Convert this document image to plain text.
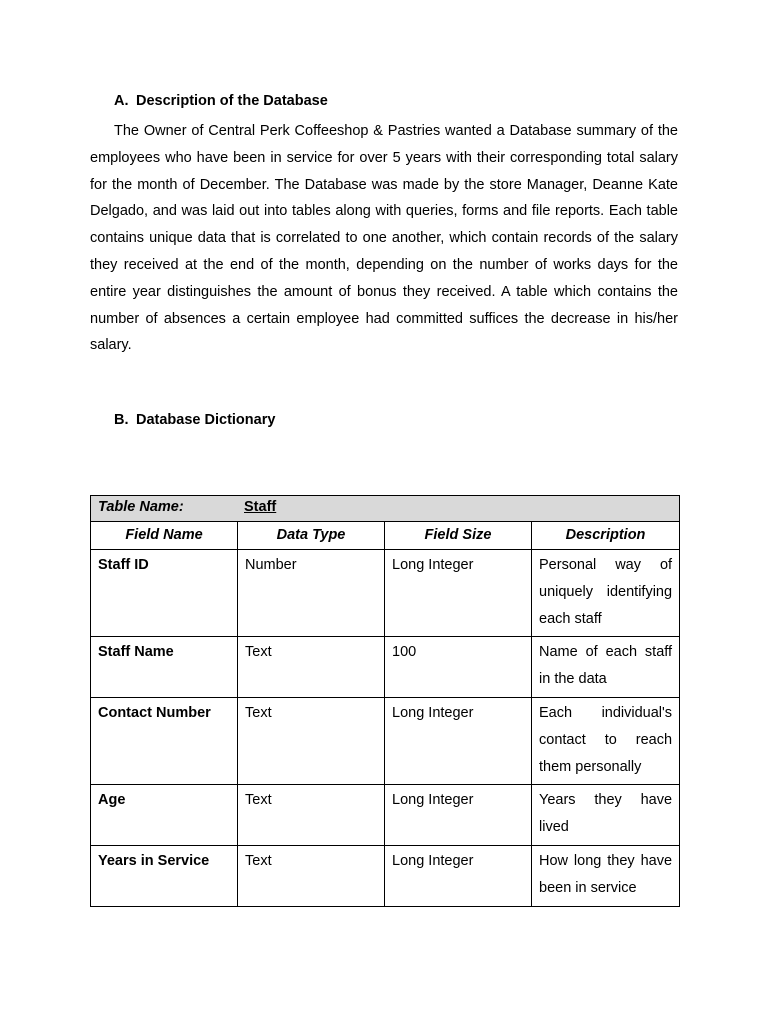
A. Description of the Database

The Owner of Central Perk Coffeeshop & Pastries wanted a Database summary of the employees who have been in service for over 5 years with their corresponding total salary for the month of December. The Database was made by the store Manager, Deanne Kate Delgado, and was laid out into tables along with queries, forms and file reports. Each table contains unique data that is correlated to one another, which contain records of the salary they received at the end of the month, depending on the number of works days for the entire year distinguishes the amount of bonus they received. A table which contains the number of absences a certain employee had committed suffices the decrease in his/her salary.

B. Database Dictionary
Table Name: Staff			
Field Name	Data Type	Field Size	Description
Staff ID	Number	Long Integer	Personal way of uniquely identifying each staff
Staff Name	Text	100	Name of each staff in the data
Contact Number	Text	Long Integer	Each individual's contact to reach them personally
Age	Text	Long Integer	Years they have lived
Years in Service	Text	Long Integer	How long they have been in service
